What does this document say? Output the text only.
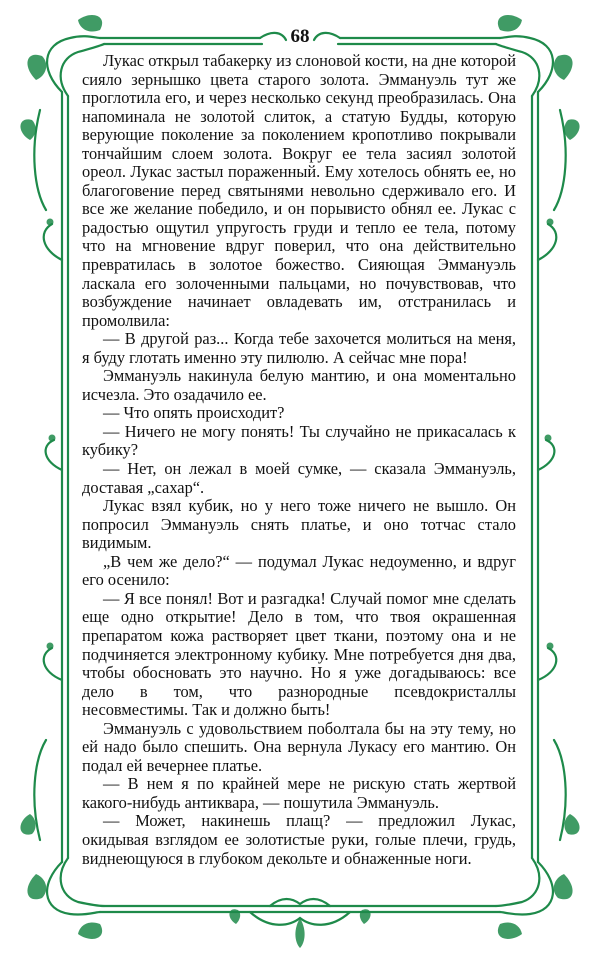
68

Лукас открыл табакерку из слоновой кости, на дне которой сияло зернышко цвета старого золота. Эммануэль тут же проглотила его, и через несколько секунд преобразилась. Она напоминала не золотой слиток, а статую Будды, которую верующие поколение за поколением кропотливо покрывали тончайшим слоем золота. Вокруг ее тела засиял золотой ореол. Лукас застыл пораженный. Ему хотелось обнять ее, но благоговение перед святынями невольно сдерживало его. И все же желание победило, и он порывисто обнял ее. Лукас с радостью ощутил упругость груди и тепло ее тела, потому что на мгновение вдруг поверил, что она действительно превратилась в золотое божество. Сияющая Эммануэль ласкала его золоченными пальцами, но почувствовав, что возбуждение начинает овладевать им, отстранилась и промолвила:

— В другой раз... Когда тебе захочется молиться на меня, я буду глотать именно эту пилюлю. А сейчас мне пора!

Эммануэль накинула белую мантию, и она моментально исчезла. Это озадачило ее.

— Что опять происходит?

— Ничего не могу понять! Ты случайно не прикасалась к кубику?

— Нет, он лежал в моей сумке, — сказала Эммануэль, доставая „сахар“.

Лукас взял кубик, но у него тоже ничего не вышло. Он попросил Эммануэль снять платье, и оно тотчас стало видимым.

„В чем же дело?“ — подумал Лукас недоуменно, и вдруг его осенило:

— Я все понял! Вот и разгадка! Случай помог мне сделать еще одно открытие! Дело в том, что твоя окрашенная препаратом кожа растворяет цвет ткани, поэтому она и не подчиняется электронному кубику. Мне потребуется дня два, чтобы обосновать это научно. Но я уже догадываюсь: все дело в том, что разнородные псевдокристаллы несовместимы. Так и должно быть!

Эммануэль с удовольствием поболтала бы на эту тему, но ей надо было спешить. Она вернула Лукасу его мантию. Он подал ей вечернее платье.

— В нем я по крайней мере не рискую стать жертвой какого-нибудь антиквара, — пошутила Эммануэль.

— Может, накинешь плащ? — предложил Лукас, окидывая взглядом ее золотистые руки, голые плечи, грудь, виднеющуюся в глубоком декольте и обнаженные ноги.
